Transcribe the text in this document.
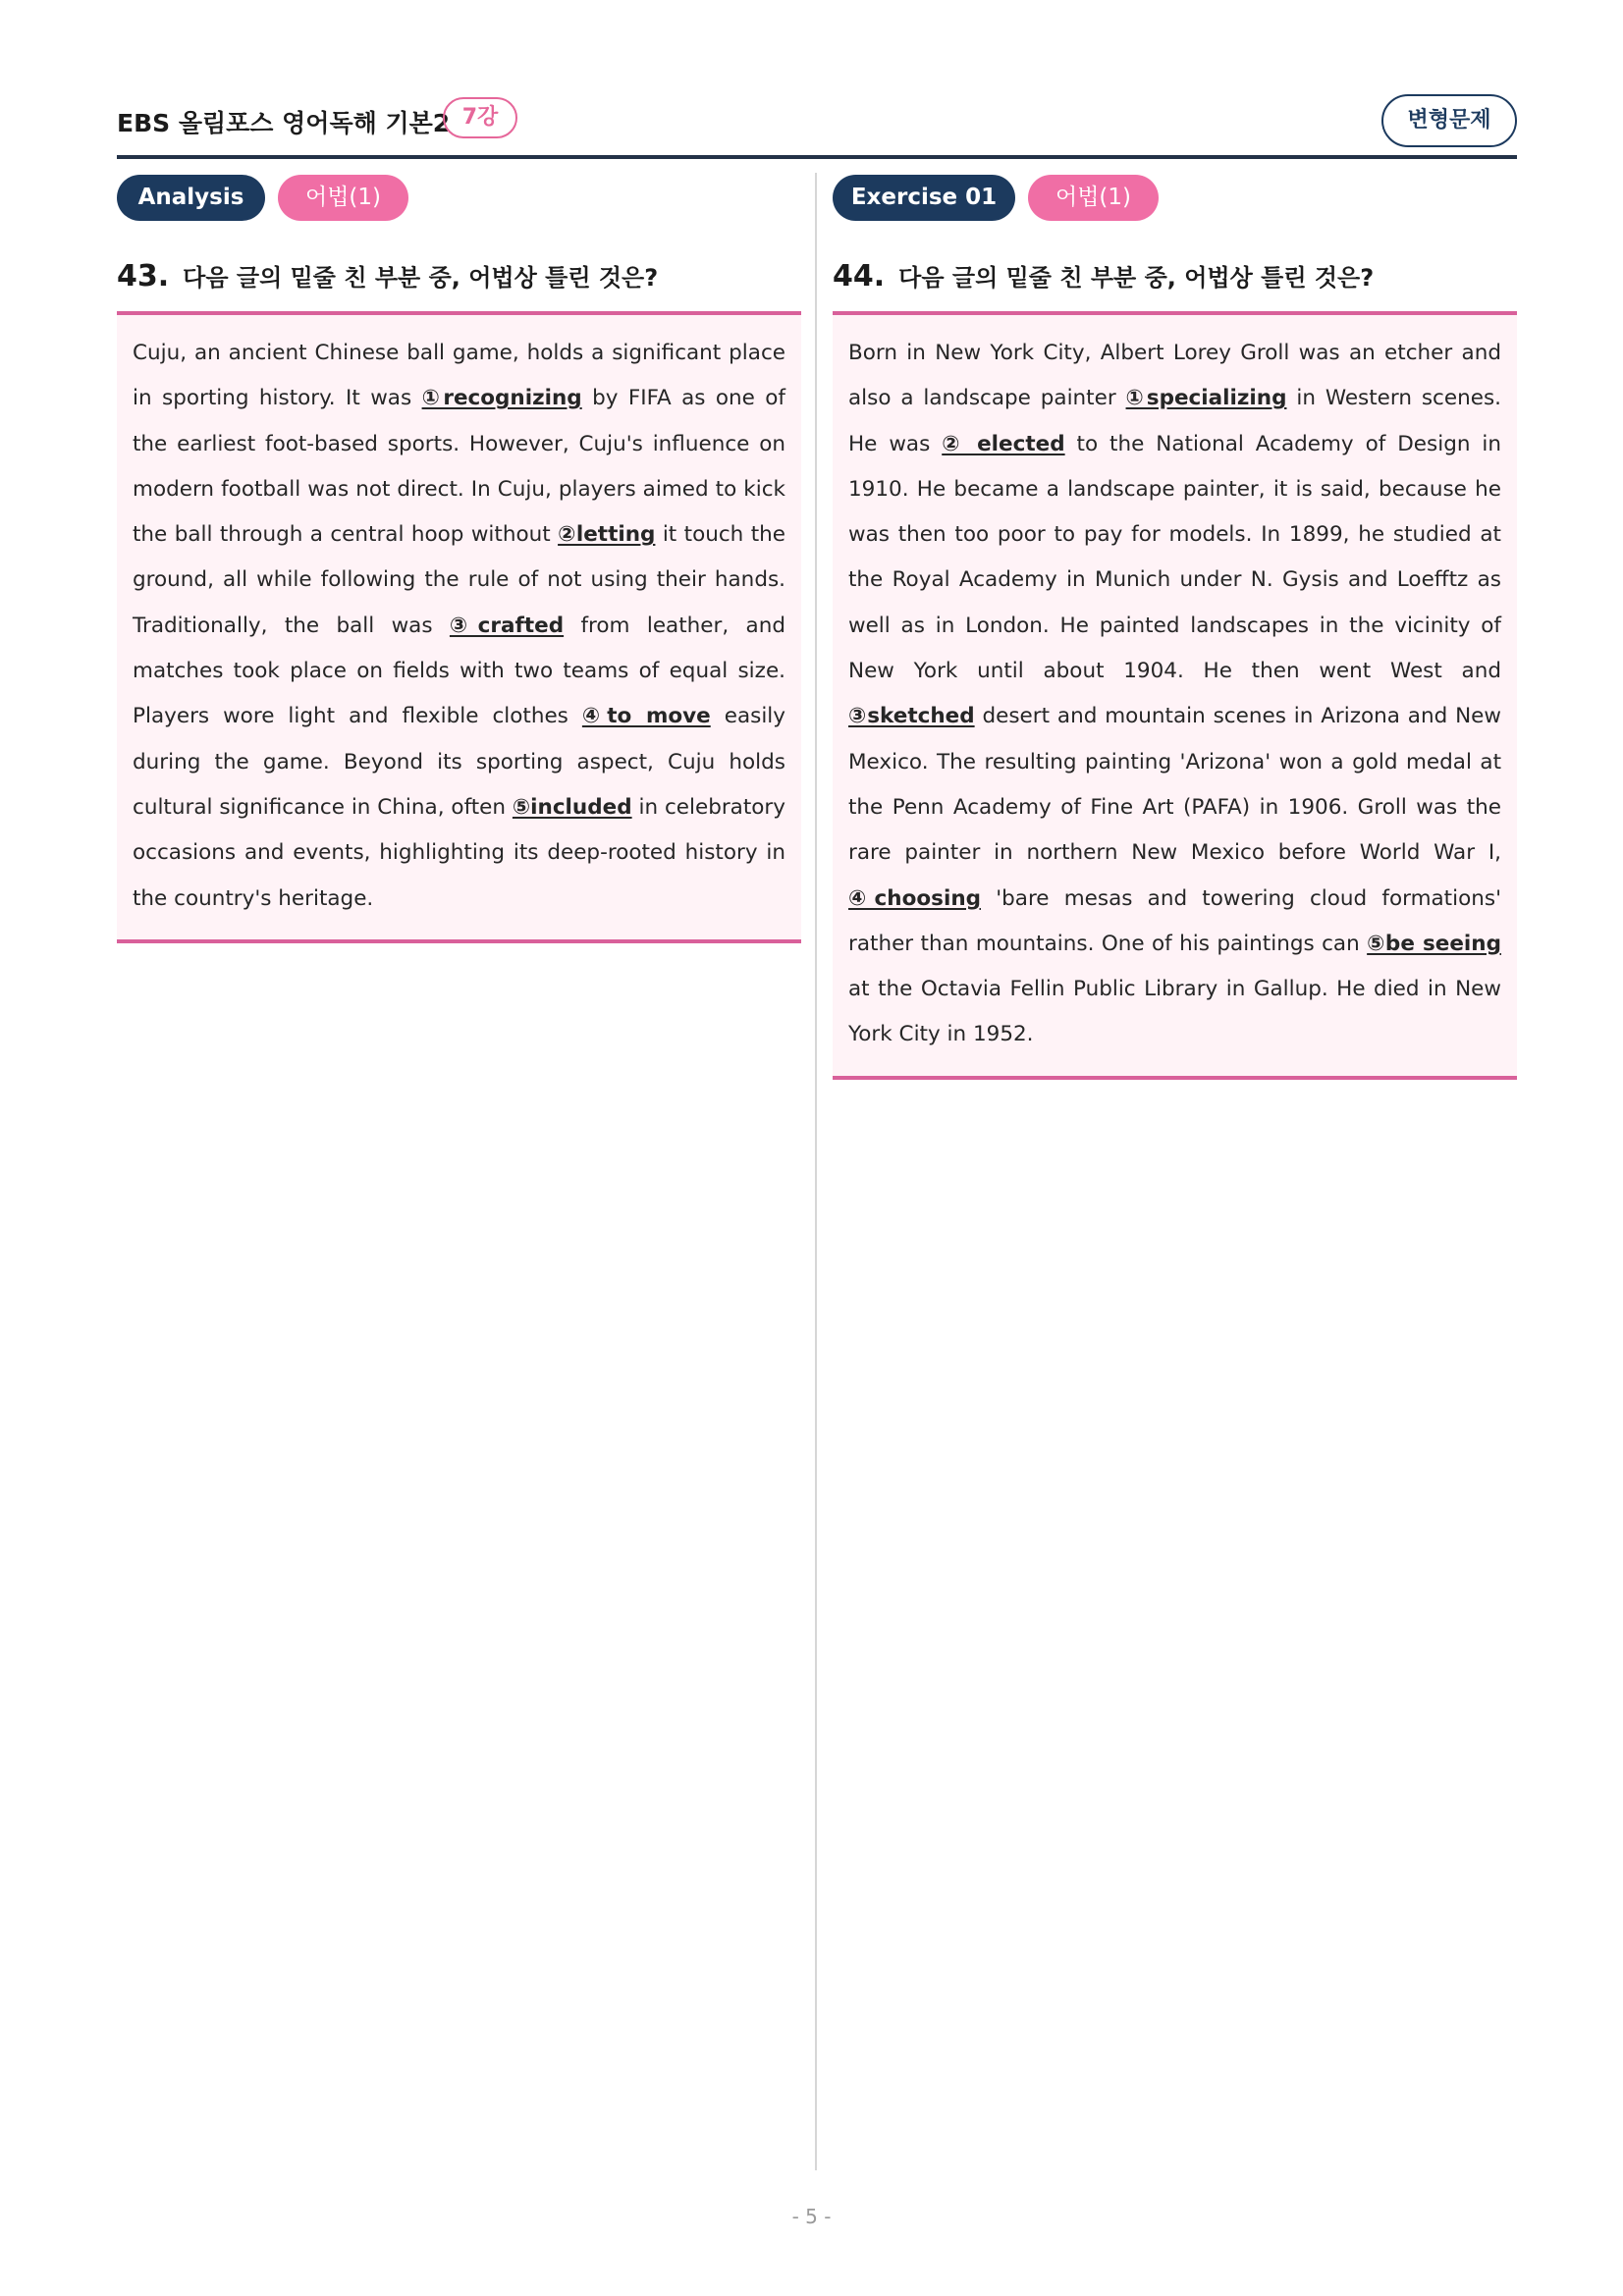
EBS 올림포스 영어독해 기본2 7강	변형문제
Analysis	어법(1)
43. 다음 글의 밑줄 친 부분 중, 어법상 틀린 것은?

Cuju, an ancient Chinese ball game, holds a significant place in sporting history. It was ①recognizing by FIFA as one of the earliest foot-based sports. However, Cuju's influence on modern football was not direct. In Cuju, players aimed to kick the ball through a central hoop without ②letting it touch the ground, all while following the rule of not using their hands. Traditionally, the ball was ③crafted from leather, and matches took place on fields with two teams of equal size. Players wore light and flexible clothes ④to move easily during the game. Beyond its sporting aspect, Cuju holds cultural significance in China, often ⑤included in celebratory occasions and events, highlighting its deep-rooted history in the country's heritage.

Exercise 01	어법(1)
44. 다음 글의 밑줄 친 부분 중, 어법상 틀린 것은?

Born in New York City, Albert Lorey Groll was an etcher and also a landscape painter ①specializing in Western scenes. He was ② elected to the National Academy of Design in 1910. He became a landscape painter, it is said, because he was then too poor to pay for models. In 1899, he studied at the Royal Academy in Munich under N. Gysis and Loefftz as well as in London. He painted landscapes in the vicinity of New York until about 1904. He then went West and ③sketched desert and mountain scenes in Arizona and New Mexico. The resulting painting 'Arizona' won a gold medal at the Penn Academy of Fine Art (PAFA) in 1906. Groll was the rare painter in northern New Mexico before World War I, ④choosing 'bare mesas and towering cloud formations' rather than mountains. One of his paintings can ⑤be seeing at the Octavia Fellin Public Library in Gallup. He died in New York City in 1952.

- 5 -
